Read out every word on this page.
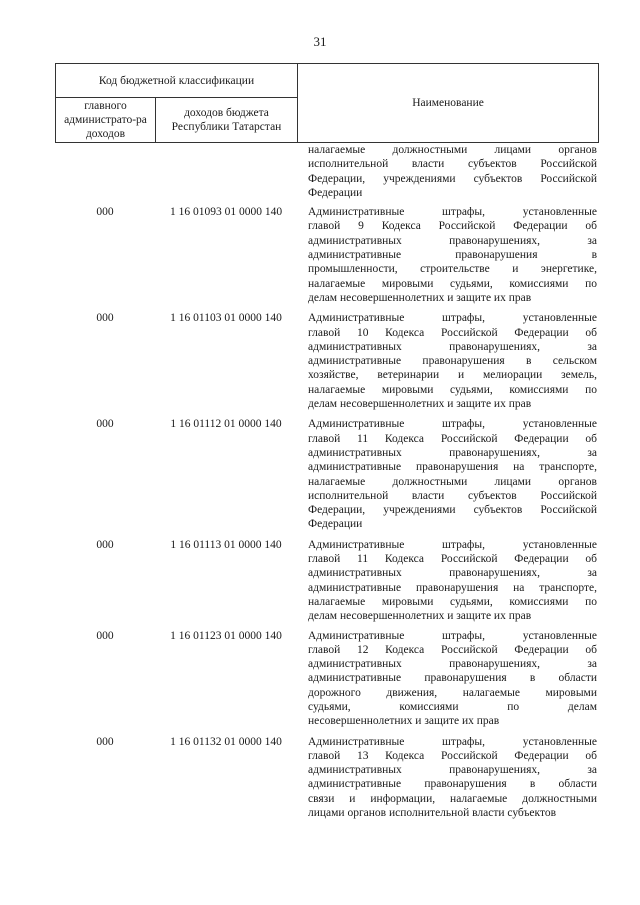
31
Код бюджетной классификации		Наименование
главного администрато-ра доходов	доходов бюджета Республики Татарстан	
налагаемые должностными лицами органов
исполнительной власти субъектов Российской
Федерации, учреждениями субъектов Российской
Федерации
000	1 16 01093 01 0000 140	Административные штрафы, установленные
главой 9 Кодекса Российской Федерации об
административных правонарушениях, за
административные правонарушения в
промышленности, строительстве и энергетике,
налагаемые мировыми судьями, комиссиями по
делам несовершеннолетних и защите их прав
000	1 16 01103 01 0000 140	Административные штрафы, установленные
главой 10 Кодекса Российской Федерации об
административных правонарушениях, за
административные правонарушения в сельском
хозяйстве, ветеринарии и мелиорации земель,
налагаемые мировыми судьями, комиссиями по
делам несовершеннолетних и защите их прав
000	1 16 01112 01 0000 140	Административные штрафы, установленные
главой 11 Кодекса Российской Федерации об
административных правонарушениях, за
административные правонарушения на транспорте,
налагаемые должностными лицами органов
исполнительной власти субъектов Российской
Федерации, учреждениями субъектов Российской
Федерации
000	1 16 01113 01 0000 140	Административные штрафы, установленные
главой 11 Кодекса Российской Федерации об
административных правонарушениях, за
административные правонарушения на транспорте,
налагаемые мировыми судьями, комиссиями по
делам несовершеннолетних и защите их прав
000	1 16 01123 01 0000 140	Административные штрафы, установленные
главой 12 Кодекса Российской Федерации об
административных правонарушениях, за
административные правонарушения в области
дорожного движения, налагаемые мировыми
судьями, комиссиями по делам
несовершеннолетних и защите их прав
000	1 16 01132 01 0000 140	Административные штрафы, установленные
главой 13 Кодекса Российской Федерации об
административных правонарушениях, за
административные правонарушения в области
связи и информации, налагаемые должностными
лицами органов исполнительной власти субъектов
